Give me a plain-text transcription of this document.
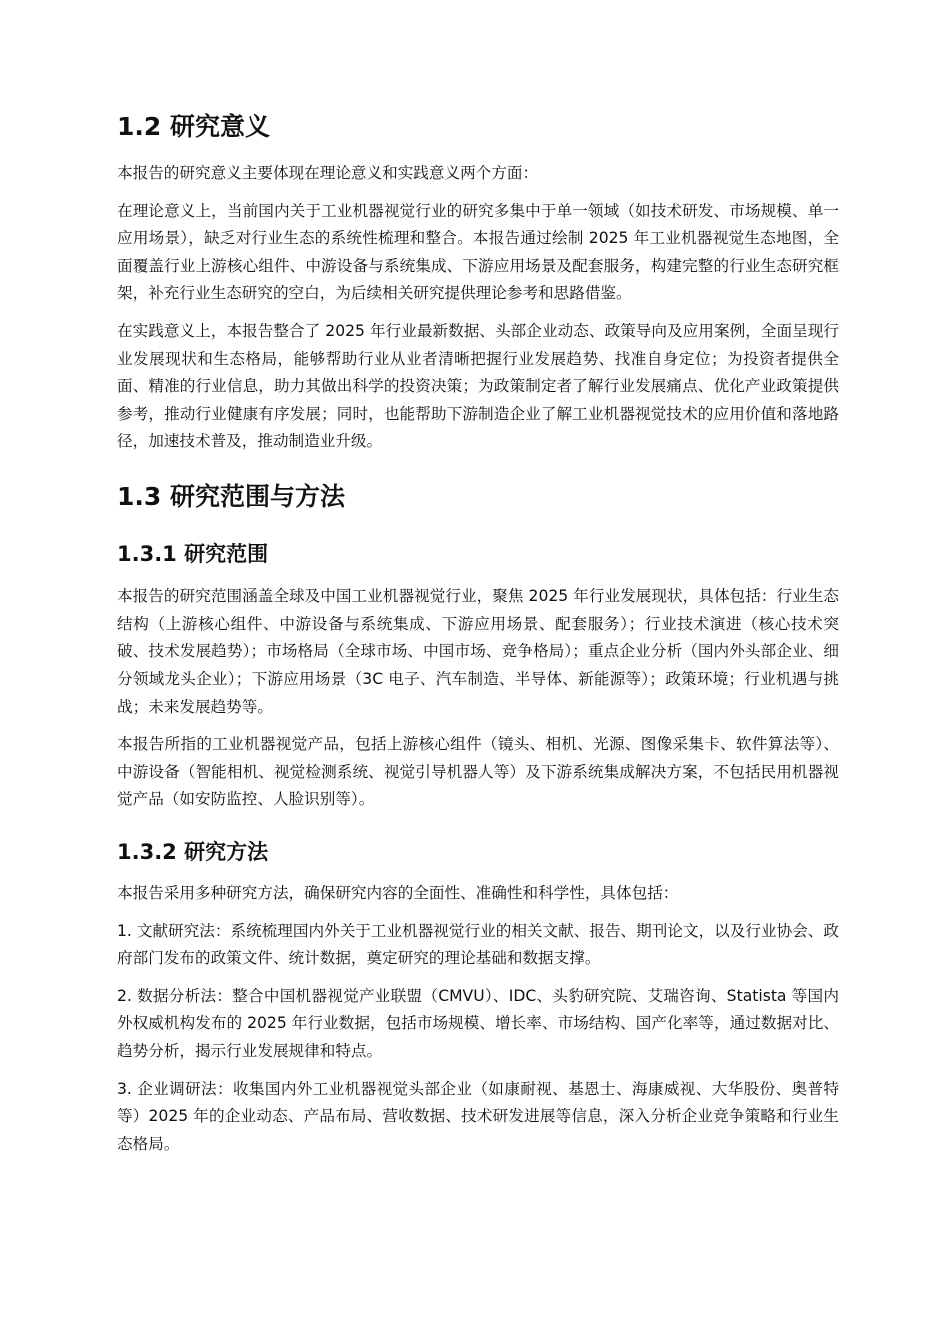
1.2 研究意义

本报告的研究意义主要体现在理论意义和实践意义两个方面：

在理论意义上，当前国内关于工业机器视觉行业的研究多集中于单一领域（如技术研发、市场规模、单一应用场景），缺乏对行业生态的系统性梳理和整合。本报告通过绘制 2025 年工业机器视觉生态地图，全面覆盖行业上游核心组件、中游设备与系统集成、下游应用场景及配套服务，构建完整的行业生态研究框架，补充行业生态研究的空白，为后续相关研究提供理论参考和思路借鉴。

在实践意义上，本报告整合了 2025 年行业最新数据、头部企业动态、政策导向及应用案例，全面呈现行业发展现状和生态格局，能够帮助行业从业者清晰把握行业发展趋势、找准自身定位；为投资者提供全面、精准的行业信息，助力其做出科学的投资决策；为政策制定者了解行业发展痛点、优化产业政策提供参考，推动行业健康有序发展；同时，也能帮助下游制造企业了解工业机器视觉技术的应用价值和落地路径，加速技术普及，推动制造业升级。

1.3 研究范围与方法
1.3.1 研究范围

本报告的研究范围涵盖全球及中国工业机器视觉行业，聚焦 2025 年行业发展现状，具体包括：行业生态结构（上游核心组件、中游设备与系统集成、下游应用场景、配套服务）；行业技术演进（核心技术突破、技术发展趋势）；市场格局（全球市场、中国市场、竞争格局）；重点企业分析（国内外头部企业、细分领域龙头企业）；下游应用场景（3C 电子、汽车制造、半导体、新能源等）；政策环境；行业机遇与挑战；未来发展趋势等。

本报告所指的工业机器视觉产品，包括上游核心组件（镜头、相机、光源、图像采集卡、软件算法等）、中游设备（智能相机、视觉检测系统、视觉引导机器人等）及下游系统集成解决方案，不包括民用机器视觉产品（如安防监控、人脸识别等）。

1.3.2 研究方法

本报告采用多种研究方法，确保研究内容的全面性、准确性和科学性，具体包括：

1. 文献研究法：系统梳理国内外关于工业机器视觉行业的相关文献、报告、期刊论文，以及行业协会、政府部门发布的政策文件、统计数据，奠定研究的理论基础和数据支撑。

2. 数据分析法：整合中国机器视觉产业联盟（CMVU）、IDC、头豹研究院、艾瑞咨询、Statista 等国内外权威机构发布的 2025 年行业数据，包括市场规模、增长率、市场结构、国产化率等，通过数据对比、趋势分析，揭示行业发展规律和特点。

3. 企业调研法：收集国内外工业机器视觉头部企业（如康耐视、基恩士、海康威视、大华股份、奥普特等）2025 年的企业动态、产品布局、营收数据、技术研发进展等信息，深入分析企业竞争策略和行业生态格局。
